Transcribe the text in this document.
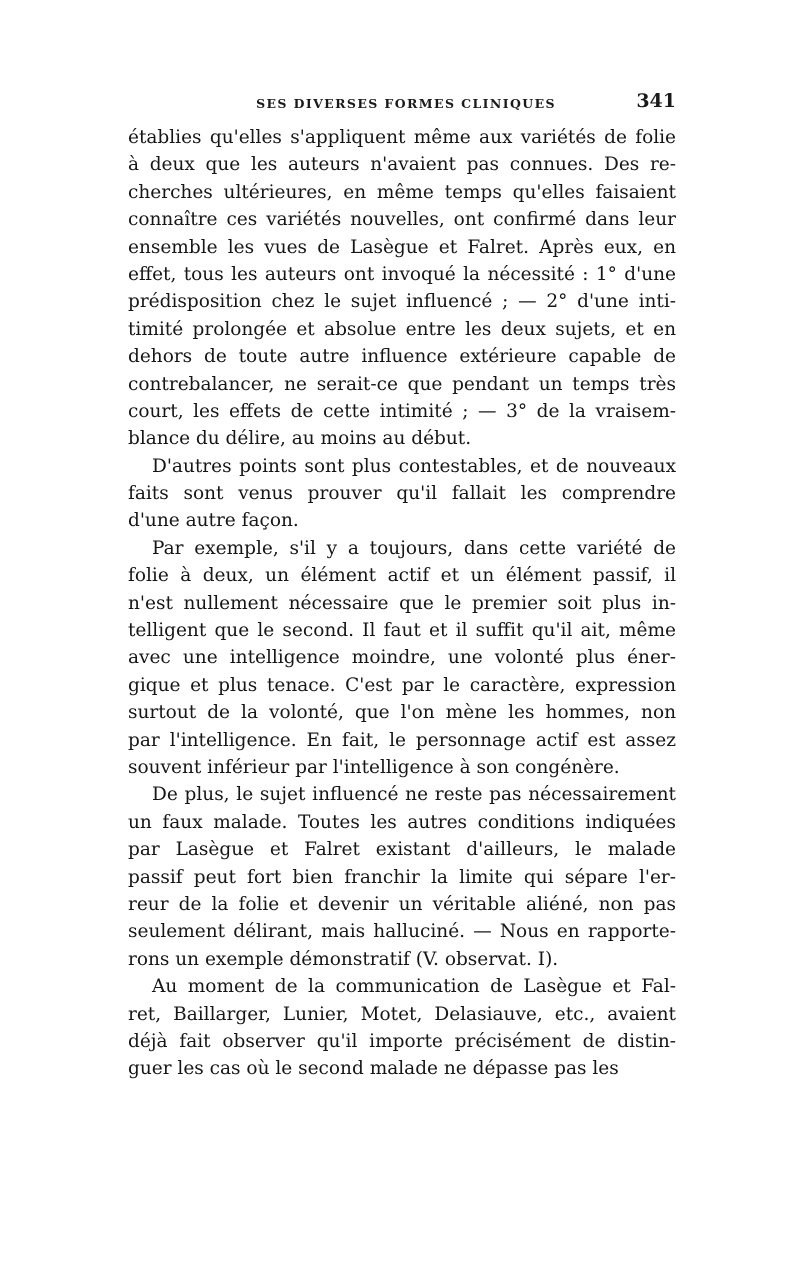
SES DIVERSES FORMES CLINIQUES	341
établies qu'elles s'appliquent même aux variétés de folie
à deux que les auteurs n'avaient pas connues. Des re-
cherches ultérieures, en même temps qu'elles faisaient
connaître ces variétés nouvelles, ont confirmé dans leur
ensemble les vues de Lasègue et Falret. Après eux, en
effet, tous les auteurs ont invoqué la nécessité : 1° d'une
prédisposition chez le sujet influencé ; — 2° d'une inti-
timité prolongée et absolue entre les deux sujets, et en
dehors de toute autre influence extérieure capable de
contrebalancer, ne serait-ce que pendant un temps très
court, les effets de cette intimité ; — 3° de la vraisem-
blance du délire, au moins au début.
D'autres points sont plus contestables, et de nouveaux
faits sont venus prouver qu'il fallait les comprendre
d'une autre façon.
Par exemple, s'il y a toujours, dans cette variété de
folie à deux, un élément actif et un élément passif, il
n'est nullement nécessaire que le premier soit plus in-
telligent que le second. Il faut et il suffit qu'il ait, même
avec une intelligence moindre, une volonté plus éner-
gique et plus tenace. C'est par le caractère, expression
surtout de la volonté, que l'on mène les hommes, non
par l'intelligence. En fait, le personnage actif est assez
souvent inférieur par l'intelligence à son congénère.
De plus, le sujet influencé ne reste pas nécessairement
un faux malade. Toutes les autres conditions indiquées
par Lasègue et Falret existant d'ailleurs, le malade
passif peut fort bien franchir la limite qui sépare l'er-
reur de la folie et devenir un véritable aliéné, non pas
seulement délirant, mais halluciné. — Nous en rapporte-
rons un exemple démonstratif (V. observat. I).
Au moment de la communication de Lasègue et Fal-
ret, Baillarger, Lunier, Motet, Delasiauve, etc., avaient
déjà fait observer qu'il importe précisément de distin-
guer les cas où le second malade ne dépasse pas les
